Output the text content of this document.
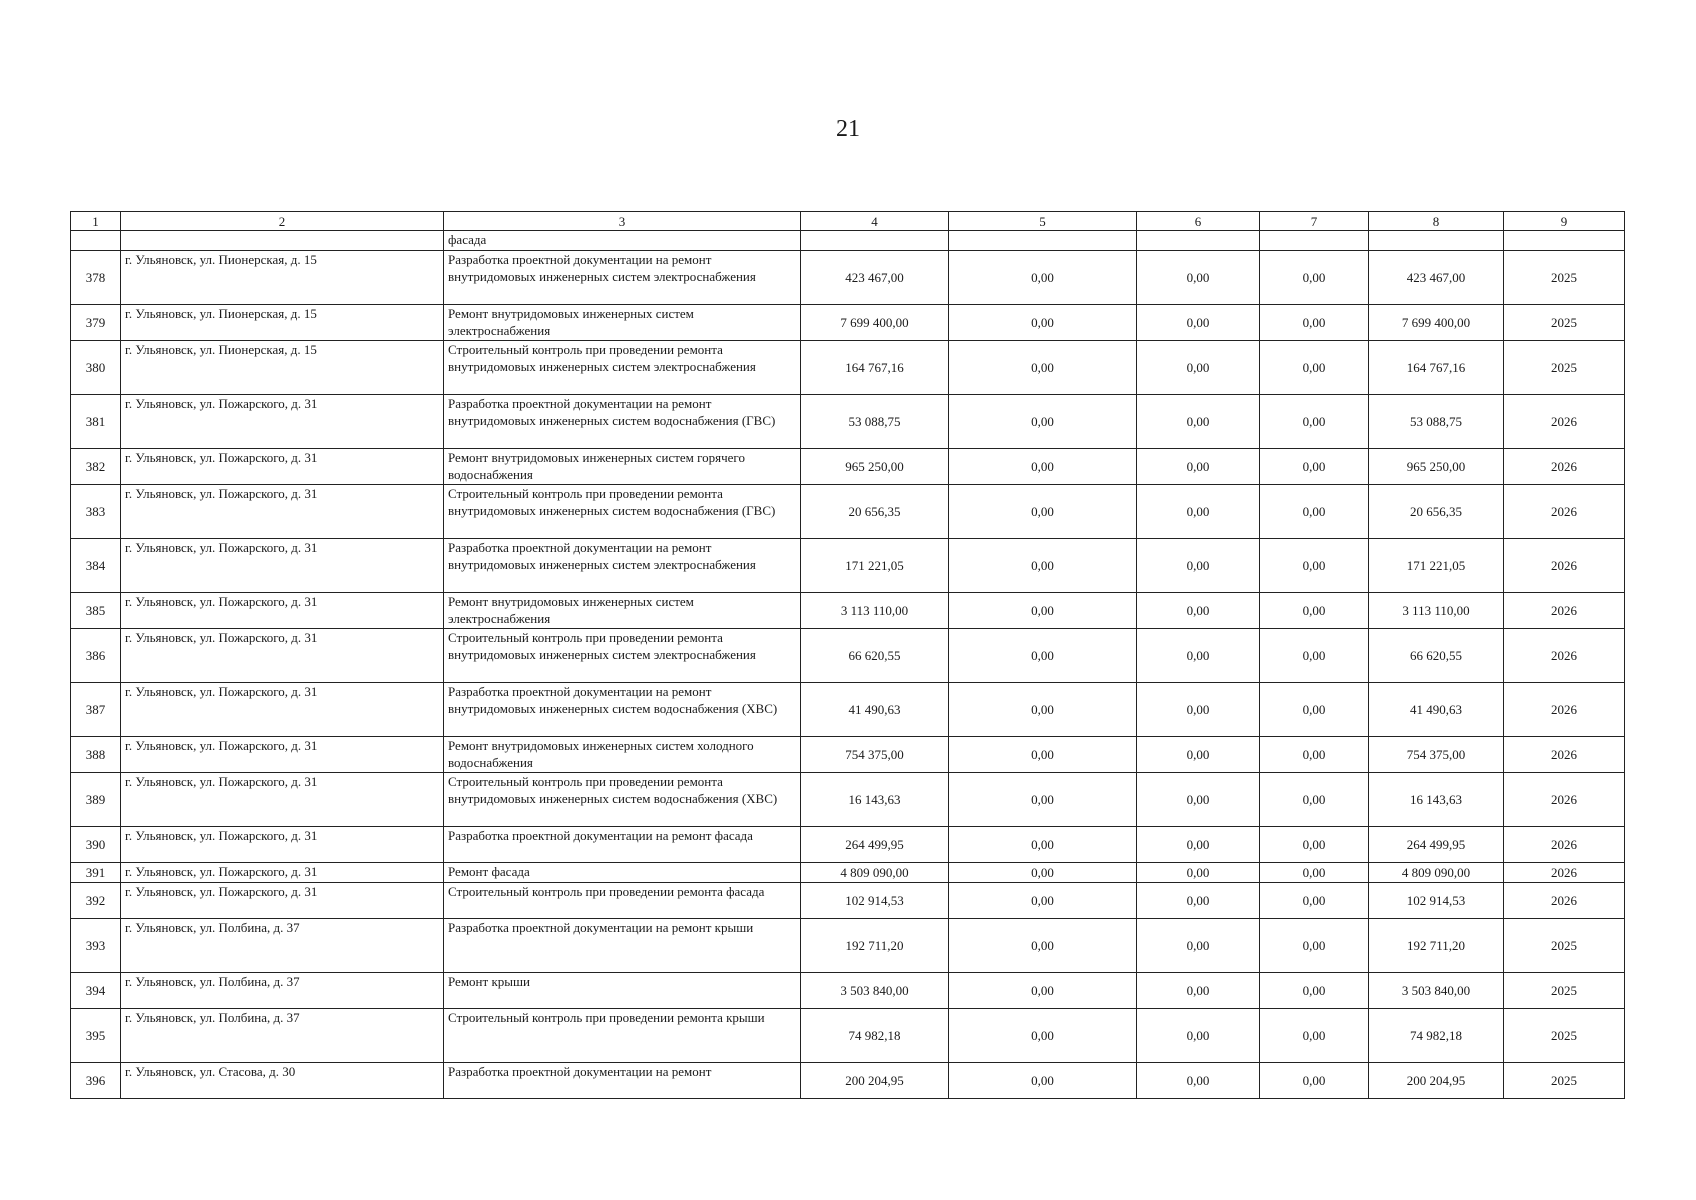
21
1	2	3	4	5	6	7	8	9
		фасада						
378	г. Ульяновск, ул. Пионерская, д. 15	Разработка проектной документации на ремонт внутридомовых инженерных систем электроснабжения	423 467,00	0,00	0,00	0,00	423 467,00	2025
379	г. Ульяновск, ул. Пионерская, д. 15	Ремонт внутридомовых инженерных систем электроснабжения	7 699 400,00	0,00	0,00	0,00	7 699 400,00	2025
380	г. Ульяновск, ул. Пионерская, д. 15	Строительный контроль при проведении ремонта внутридомовых инженерных систем электроснабжения	164 767,16	0,00	0,00	0,00	164 767,16	2025
381	г. Ульяновск, ул. Пожарского, д. 31	Разработка проектной документации на ремонт внутридомовых инженерных систем водоснабжения (ГВС)	53 088,75	0,00	0,00	0,00	53 088,75	2026
382	г. Ульяновск, ул. Пожарского, д. 31	Ремонт внутридомовых инженерных систем горячего водоснабжения	965 250,00	0,00	0,00	0,00	965 250,00	2026
383	г. Ульяновск, ул. Пожарского, д. 31	Строительный контроль при проведении ремонта внутридомовых инженерных систем водоснабжения (ГВС)	20 656,35	0,00	0,00	0,00	20 656,35	2026
384	г. Ульяновск, ул. Пожарского, д. 31	Разработка проектной документации на ремонт внутридомовых инженерных систем электроснабжения	171 221,05	0,00	0,00	0,00	171 221,05	2026
385	г. Ульяновск, ул. Пожарского, д. 31	Ремонт внутридомовых инженерных систем электроснабжения	3 113 110,00	0,00	0,00	0,00	3 113 110,00	2026
386	г. Ульяновск, ул. Пожарского, д. 31	Строительный контроль при проведении ремонта внутридомовых инженерных систем электроснабжения	66 620,55	0,00	0,00	0,00	66 620,55	2026
387	г. Ульяновск, ул. Пожарского, д. 31	Разработка проектной документации на ремонт внутридомовых инженерных систем водоснабжения (ХВС)	41 490,63	0,00	0,00	0,00	41 490,63	2026
388	г. Ульяновск, ул. Пожарского, д. 31	Ремонт внутридомовых инженерных систем холодного водоснабжения	754 375,00	0,00	0,00	0,00	754 375,00	2026
389	г. Ульяновск, ул. Пожарского, д. 31	Строительный контроль при проведении ремонта внутридомовых инженерных систем водоснабжения (ХВС)	16 143,63	0,00	0,00	0,00	16 143,63	2026
390	г. Ульяновск, ул. Пожарского, д. 31	Разработка проектной документации на ремонт фасада	264 499,95	0,00	0,00	0,00	264 499,95	2026
391	г. Ульяновск, ул. Пожарского, д. 31	Ремонт фасада	4 809 090,00	0,00	0,00	0,00	4 809 090,00	2026
392	г. Ульяновск, ул. Пожарского, д. 31	Строительный контроль при проведении ремонта фасада	102 914,53	0,00	0,00	0,00	102 914,53	2026
393	г. Ульяновск, ул. Полбина, д. 37	Разработка проектной документации на ремонт крыши	192 711,20	0,00	0,00	0,00	192 711,20	2025
394	г. Ульяновск, ул. Полбина, д. 37	Ремонт крыши	3 503 840,00	0,00	0,00	0,00	3 503 840,00	2025
395	г. Ульяновск, ул. Полбина, д. 37	Строительный контроль при проведении ремонта крыши	74 982,18	0,00	0,00	0,00	74 982,18	2025
396	г. Ульяновск, ул. Стасова, д. 30	Разработка проектной документации на ремонт	200 204,95	0,00	0,00	0,00	200 204,95	2025
